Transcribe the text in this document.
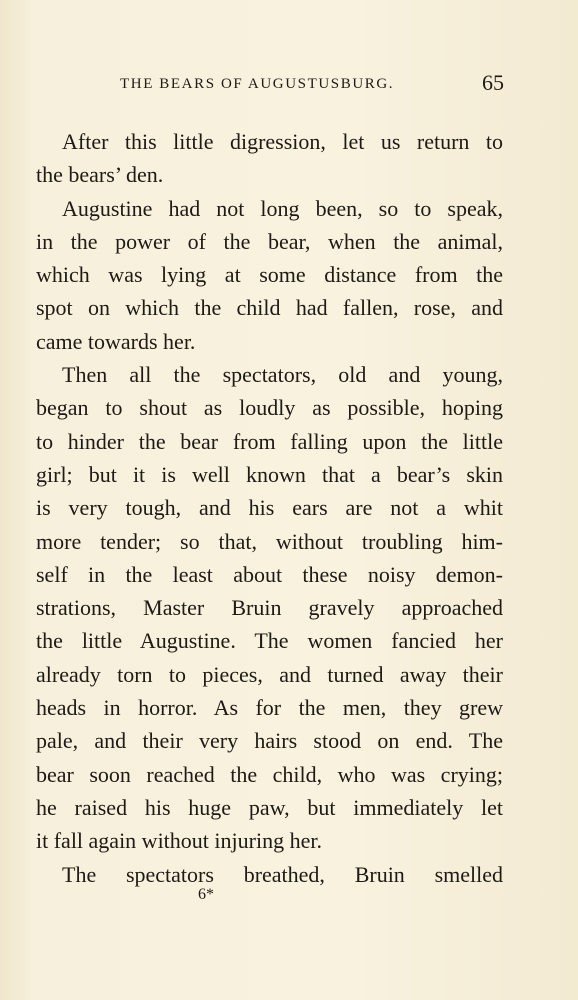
THE BEARS OF AUGUSTUSBURG.	65
After this little digression, let us return to
the bears’ den.
Augustine had not long been, so to speak,
in the power of the bear, when the animal,
which was lying at some distance from the
spot on which the child had fallen, rose, and
came towards her.
Then all the spectators, old and young,
began to shout as loudly as possible, hoping
to hinder the bear from falling upon the little
girl; but it is well known that a bear’s skin
is very tough, and his ears are not a whit
more tender; so that, without troubling him-
self in the least about these noisy demon-
strations, Master Bruin gravely approached
the little Augustine. The women fancied her
already torn to pieces, and turned away their
heads in horror. As for the men, they grew
pale, and their very hairs stood on end. The
bear soon reached the child, who was crying;
he raised his huge paw, but immediately let
it fall again without injuring her.
The spectators breathed, Bruin smelled
6*
